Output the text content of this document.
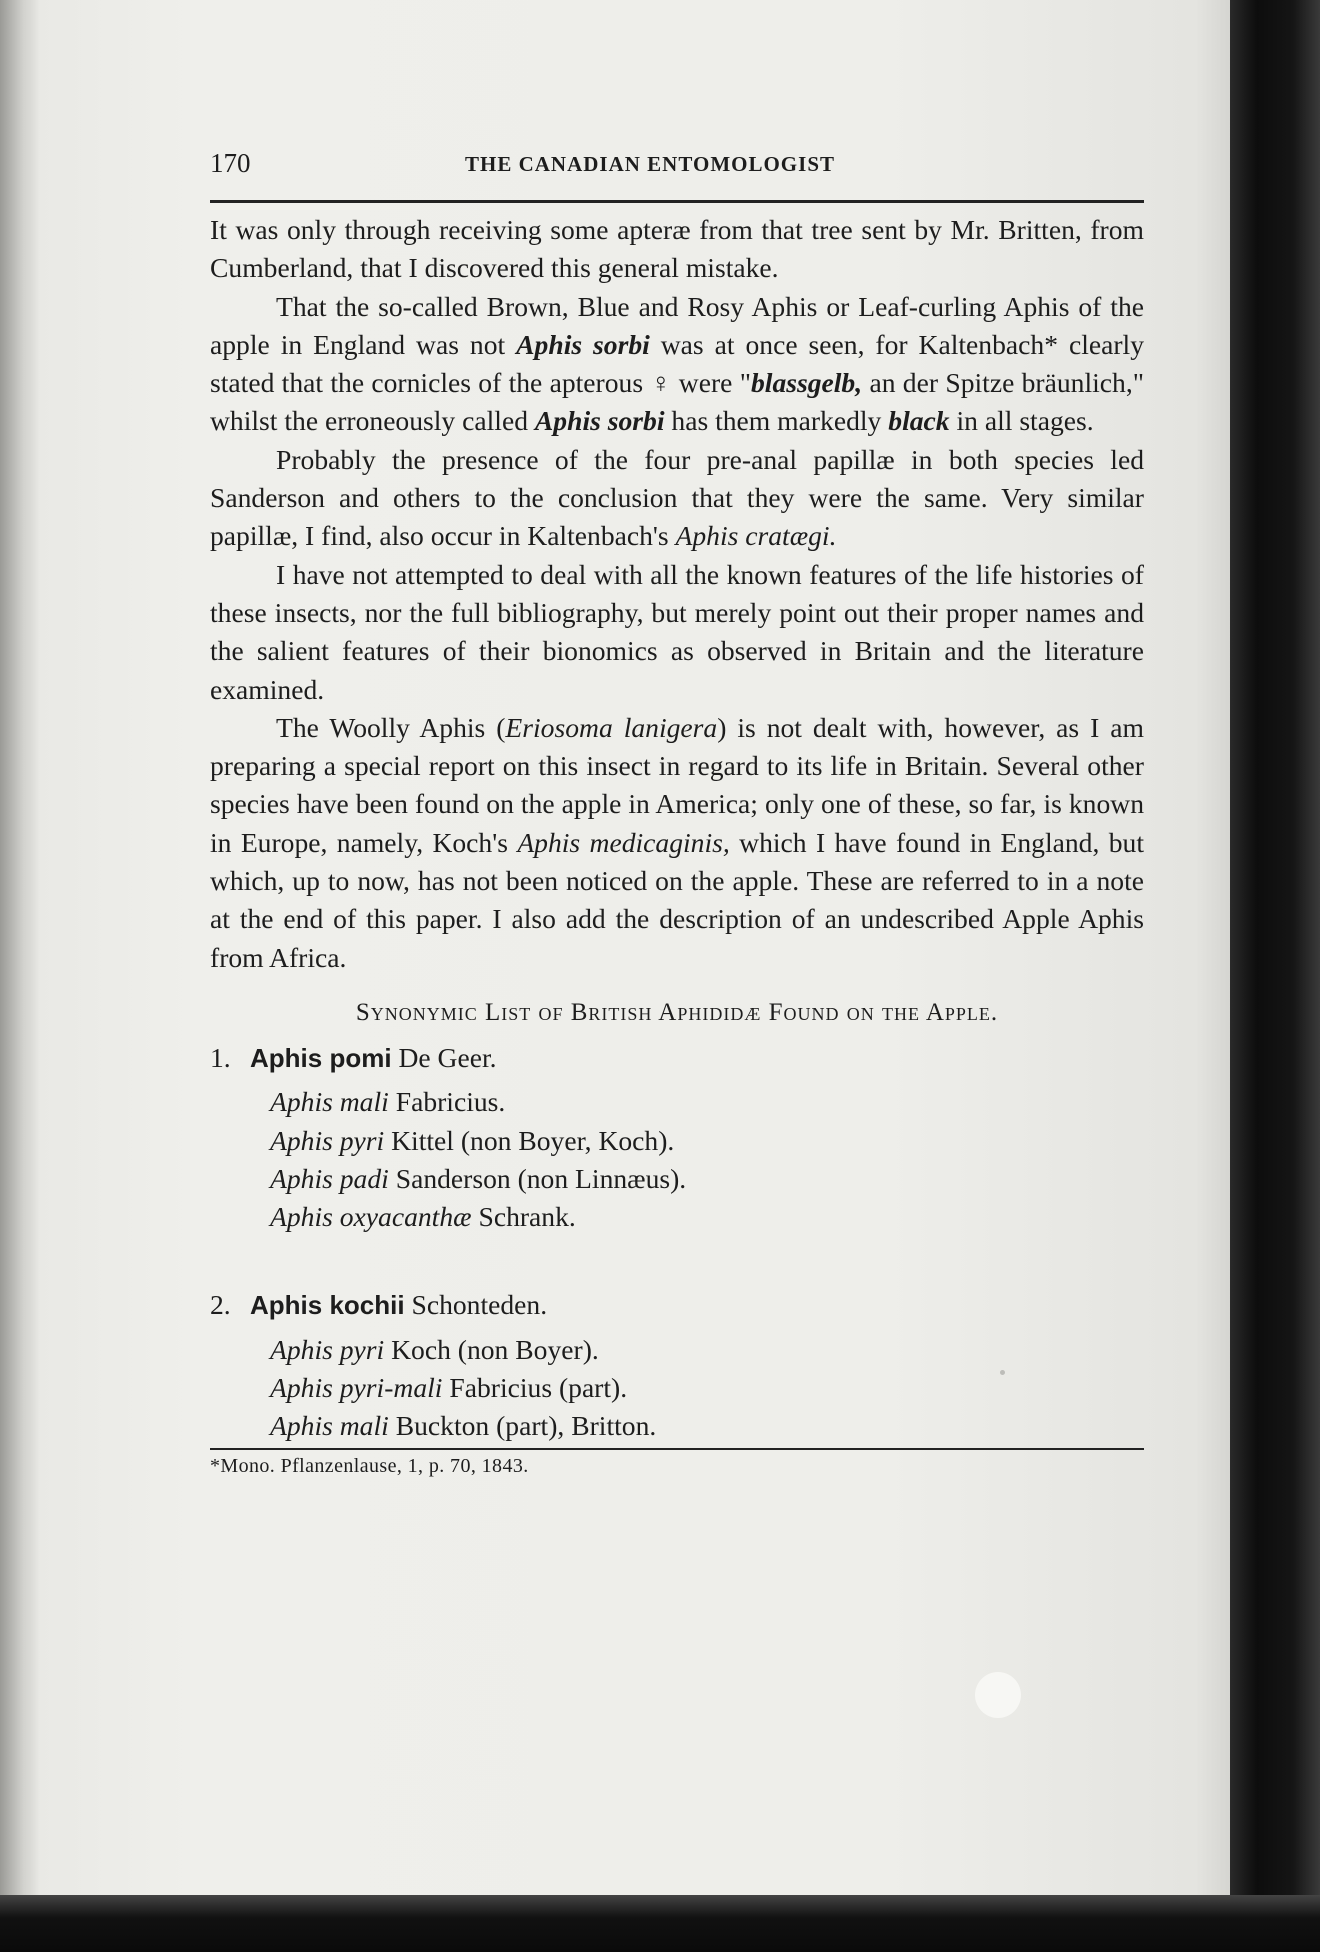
170	THE CANADIAN ENTOMOLOGIST

It was only through receiving some apteræ from that tree sent by Mr. Britten, from Cumberland, that I discovered this general mistake.

That the so-called Brown, Blue and Rosy Aphis or Leaf-curling Aphis of the apple in England was not Aphis sorbi was at once seen, for Kaltenbach* clearly stated that the cornicles of the apterous ♀ were "blassgelb, an der Spitze bräunlich," whilst the erroneously called Aphis sorbi has them markedly black in all stages.

Probably the presence of the four pre-anal papillæ in both species led Sanderson and others to the conclusion that they were the same. Very similar papillæ, I find, also occur in Kaltenbach's Aphis cratægi.

I have not attempted to deal with all the known features of the life histories of these insects, nor the full bibliography, but merely point out their proper names and the salient features of their bionomics as observed in Britain and the literature examined.

The Woolly Aphis (Eriosoma lanigera) is not dealt with, however, as I am preparing a special report on this insect in regard to its life in Britain. Several other species have been found on the apple in America; only one of these, so far, is known in Europe, namely, Koch's Aphis medicaginis, which I have found in England, but which, up to now, has not been noticed on the apple. These are referred to in a note at the end of this paper. I also add the description of an undescribed Apple Aphis from Africa.

Synonymic List of British Aphididæ Found on the Apple.

1. Aphis pomi De Geer.

Aphis mali Fabricius.
Aphis pyri Kittel (non Boyer, Koch).
Aphis padi Sanderson (non Linnæus).
Aphis oxyacanthæ Schrank.

2. Aphis kochii Schonteden.

Aphis pyri Koch (non Boyer).
Aphis pyri-mali Fabricius (part).
Aphis mali Buckton (part), Britton.
*Mono. Pflanzenlause, 1, p. 70, 1843.
